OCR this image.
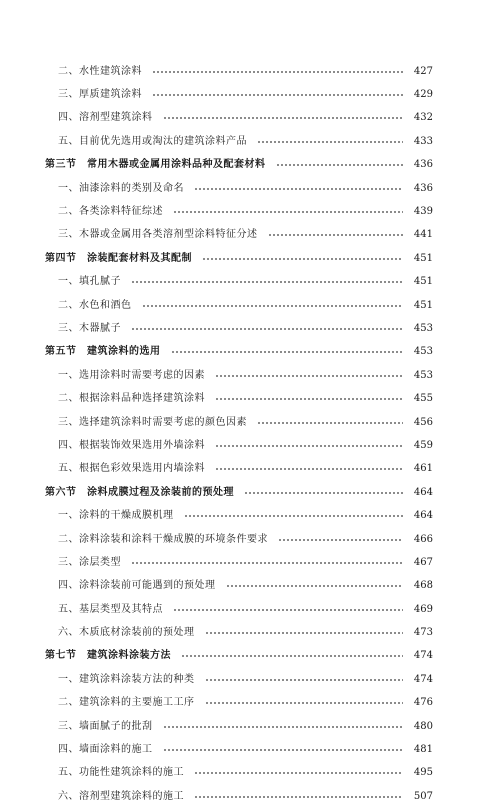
二、水性建筑涂料	427
三、厚质建筑涂料	429
四、溶剂型建筑涂料	432
五、目前优先选用或淘汰的建筑涂料产品	433
第三节　常用木器或金属用涂料品种及配套材料	436
一、油漆涂料的类别及命名	436
二、各类涂料特征综述	439
三、木器或金属用各类溶剂型涂料特征分述	441
第四节　涂装配套材料及其配制	451
一、填孔腻子	451
二、水色和酒色	451
三、木器腻子	453
第五节　建筑涂料的选用	453
一、选用涂料时需要考虑的因素	453
二、根据涂料品种选择建筑涂料	455
三、选择建筑涂料时需要考虑的颜色因素	456
四、根据装饰效果选用外墙涂料	459
五、根据色彩效果选用内墙涂料	461
第六节　涂料成膜过程及涂装前的预处理	464
一、涂料的干燥成膜机理	464
二、涂料涂装和涂料干燥成膜的环境条件要求	466
三、涂层类型	467
四、涂料涂装前可能遇到的预处理	468
五、基层类型及其特点	469
六、木质底材涂装前的预处理	473
第七节　建筑涂料涂装方法	474
一、建筑涂料涂装方法的种类	474
二、建筑涂料的主要施工工序	476
三、墙面腻子的批刮	480
四、墙面涂料的施工	481
五、功能性建筑涂料的施工	495
六、溶剂型建筑涂料的施工	507
